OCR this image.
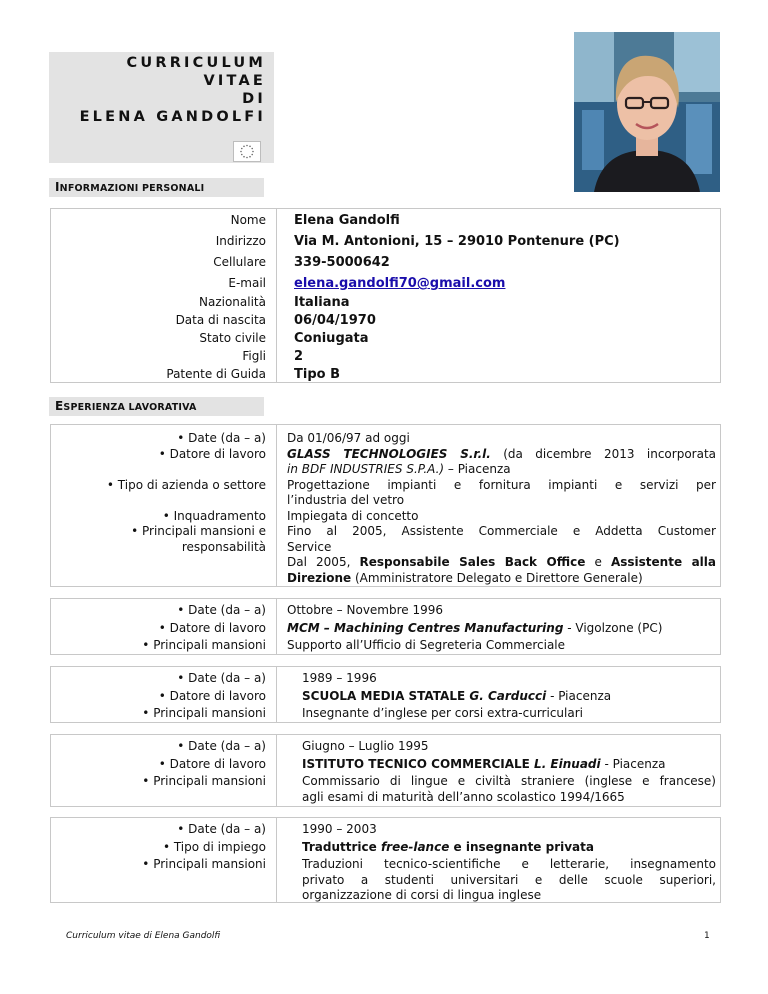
CURRICULUM
VITAE
DI
ELENA GANDOLFI
INFORMAZIONI PERSONALI
Nome Elena Gandolfi
Indirizzo Via M. Antonioni, 15 – 29010 Pontenure (PC)
Cellulare 339-5000642
E-mail elena.gandolfi70@gmail.com
Nazionalità Italiana
Data di nascita 06/04/1970
Stato civile Coniugata
Figli 2
Patente di Guida Tipo B
ESPERIENZA LAVORATIVA
• Date (da – a)
• Datore di lavoro
• Tipo di azienda o settore
• Inquadramento
• Principali mansioni e
responsabilità
Da 01/06/97 ad oggi
GLASS TECHNOLOGIES S.r.l. (da dicembre 2013 incorporata
in BDF INDUSTRIES S.P.A.) – Piacenza
Progettazione impianti e fornitura impianti e servizi per
l’industria del vetro
Impiegata di concetto
Fino al 2005, Assistente Commerciale e Addetta Customer
Service
Dal 2005, Responsabile Sales Back Office e Assistente alla
Direzione (Amministratore Delegato e Direttore Generale)
• Date (da – a)
• Datore di lavoro
• Principali mansioni
Ottobre – Novembre 1996
MCM – Machining Centres Manufacturing - Vigolzone (PC)
Supporto all’Ufficio di Segreteria Commerciale
• Date (da – a)
• Datore di lavoro
• Principali mansioni
1989 – 1996
SCUOLA MEDIA STATALE G. Carducci - Piacenza
Insegnante d’inglese per corsi extra-curriculari
• Date (da – a)
• Datore di lavoro
• Principali mansioni
Giugno – Luglio 1995
ISTITUTO TECNICO COMMERCIALE L. Einuadi - Piacenza
Commissario di lingue e civiltà straniere (inglese e francese)
agli esami di maturità dell’anno scolastico 1994/1665
• Date (da – a)
• Tipo di impiego
• Principali mansioni
1990 – 2003
Traduttrice free-lance e insegnante privata
Traduzioni tecnico-scientifiche e letterarie, insegnamento
privato a studenti universitari e delle scuole superiori,
organizzazione di corsi di lingua inglese
Curriculum vitae di Elena Gandolfi	1
